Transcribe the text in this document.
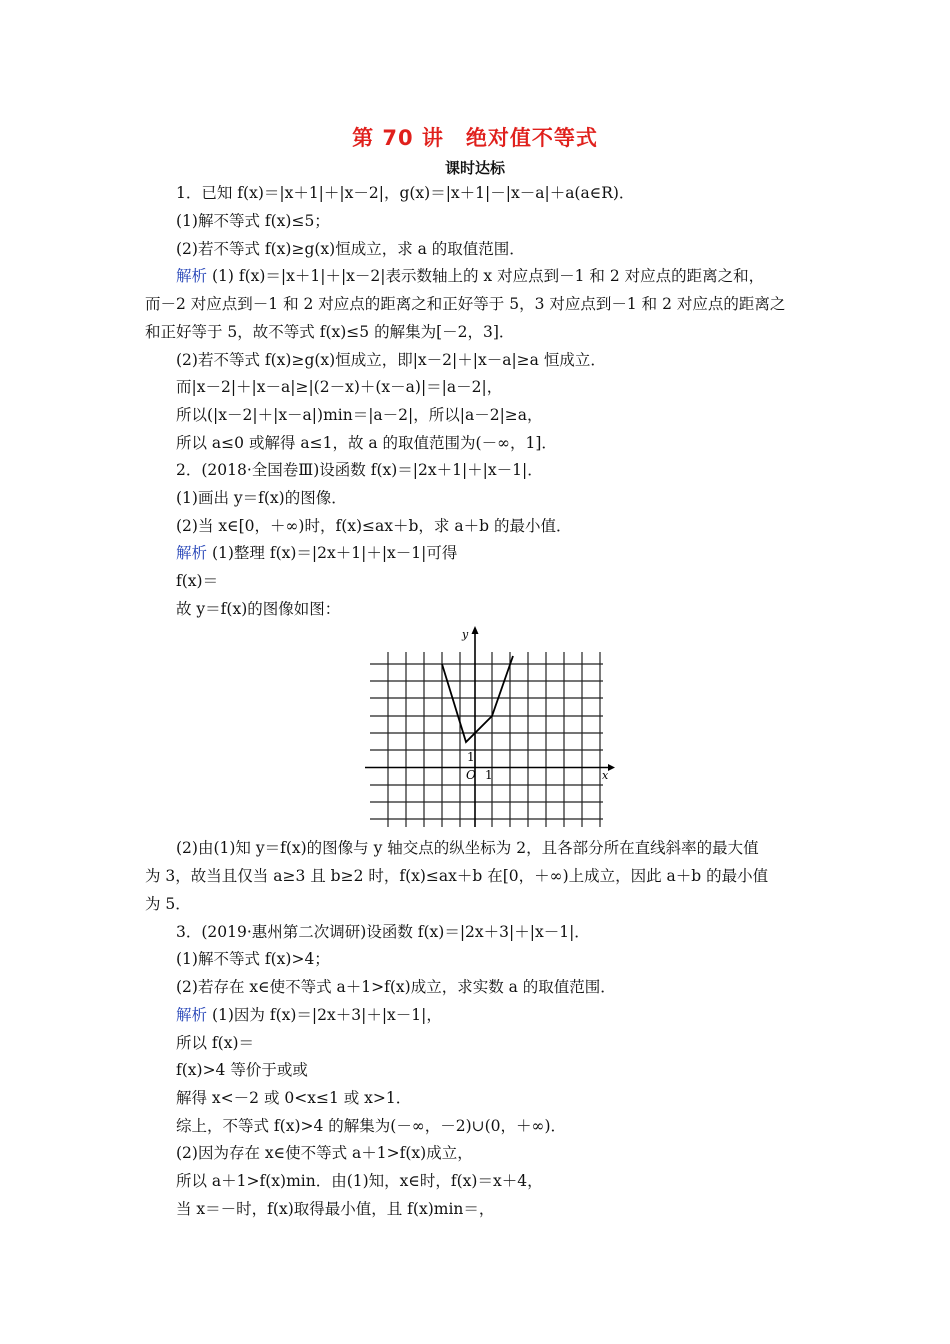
第 70 讲　绝对值不等式
课时达标
1．已知 f(x)＝|x＋1|＋|x－2|，g(x)＝|x＋1|－|x－a|＋a(a∈R)．
(1)解不等式 f(x)≤5；
(2)若不等式 f(x)≥g(x)恒成立，求 a 的取值范围．
解析 (1) f(x)＝|x＋1|＋|x－2|表示数轴上的 x 对应点到－1 和 2 对应点的距离之和，
而－2 对应点到－1 和 2 对应点的距离之和正好等于 5，3 对应点到－1 和 2 对应点的距离之
和正好等于 5，故不等式 f(x)≤5 的解集为[－2，3]．
(2)若不等式 f(x)≥g(x)恒成立，即|x－2|＋|x－a|≥a 恒成立．
而|x－2|＋|x－a|≥|(2－x)＋(x－a)|＝|a－2|，
所以(|x－2|＋|x－a|)min＝|a－2|，所以|a－2|≥a，
所以 a≤0 或解得 a≤1，故 a 的取值范围为(－∞，1]．
2．(2018·全国卷Ⅲ)设函数 f(x)＝|2x＋1|＋|x－1|．
(1)画出 y＝f(x)的图像．
(2)当 x∈[0，＋∞)时，f(x)≤ax＋b，求 a＋b 的最小值．
解析 (1)整理 f(x)＝|2x＋1|＋|x－1|可得
f(x)＝
故 y＝f(x)的图像如图：
y
x
O 1
1
(2)由(1)知 y＝f(x)的图像与 y 轴交点的纵坐标为 2，且各部分所在直线斜率的最大值
为 3，故当且仅当 a≥3 且 b≥2 时，f(x)≤ax＋b 在[0，＋∞)上成立，因此 a＋b 的最小值
为 5．
3．(2019·惠州第二次调研)设函数 f(x)＝|2x＋3|＋|x－1|．
(1)解不等式 f(x)>4；
(2)若存在 x∈使不等式 a＋1>f(x)成立，求实数 a 的取值范围．
解析 (1)因为 f(x)＝|2x＋3|＋|x－1|，
所以 f(x)＝
f(x)>4 等价于或或
解得 x<－2 或 0<x≤1 或 x>1．
综上，不等式 f(x)>4 的解集为(－∞，－2)∪(0，＋∞)．
(2)因为存在 x∈使不等式 a＋1>f(x)成立，
所以 a＋1>f(x)min．由(1)知，x∈时，f(x)＝x＋4，
当 x＝－时，f(x)取得最小值，且 f(x)min＝，
